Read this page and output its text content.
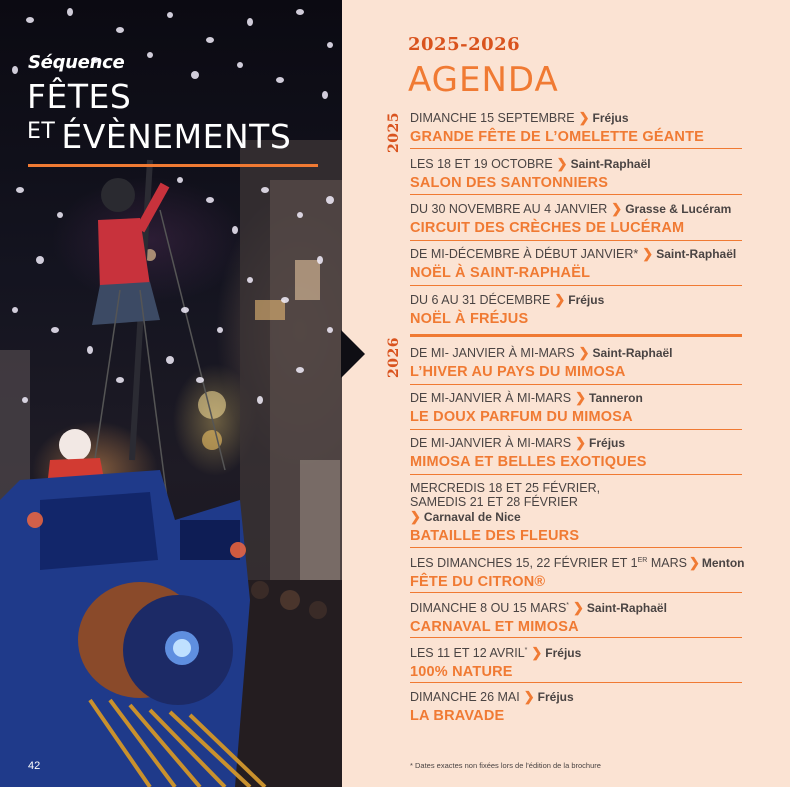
Séquence
FÊTES
$^{ET}$ ÉVÈNEMENTS
42
2025-2026
AGENDA
2025
2026
DIMANCHE 15 SEPTEMBRE ❯ Fréjus
GRANDE FÊTE DE L’OMELETTE GÉANTE
LES 18 ET 19 OCTOBRE ❯ Saint-Raphaël
SALON DES SANTONNIERS
DU 30 NOVEMBRE AU 4 JANVIER ❯ Grasse & Lucéram
CIRCUIT DES CRÈCHES DE LUCÉRAM
DE MI-DÉCEMBRE À DÉBUT JANVIER* ❯ Saint-Raphaël
NOËL À SAINT-RAPHAËL
DU 6 AU 31 DÉCEMBRE ❯ Fréjus
NOËL À FRÉJUS
DE MI- JANVIER À MI-MARS ❯ Saint-Raphaël
L’HIVER AU PAYS DU MIMOSA
DE MI-JANVIER À MI-MARS ❯ Tanneron
LE DOUX PARFUM DU MIMOSA
DE MI-JANVIER À MI-MARS ❯ Fréjus
MIMOSA ET BELLES EXOTIQUES
MERCREDIS 18 ET 25 FÉVRIER,
SAMEDIS 21 ET 28 FÉVRIER
❯ Carnaval de Nice
BATAILLE DES FLEURS
LES DIMANCHES 15, 22 FÉVRIER ET 1ER MARS ❯ Menton
FÊTE DU CITRON®
DIMANCHE 8 OU 15 MARS* ❯ Saint-Raphaël
CARNAVAL ET MIMOSA
LES 11 ET 12 AVRIL* ❯ Fréjus
100% NATURE
DIMANCHE 26 MAI ❯ Fréjus
LA BRAVADE
* Dates exactes non fixées lors de l’édition de la brochure
